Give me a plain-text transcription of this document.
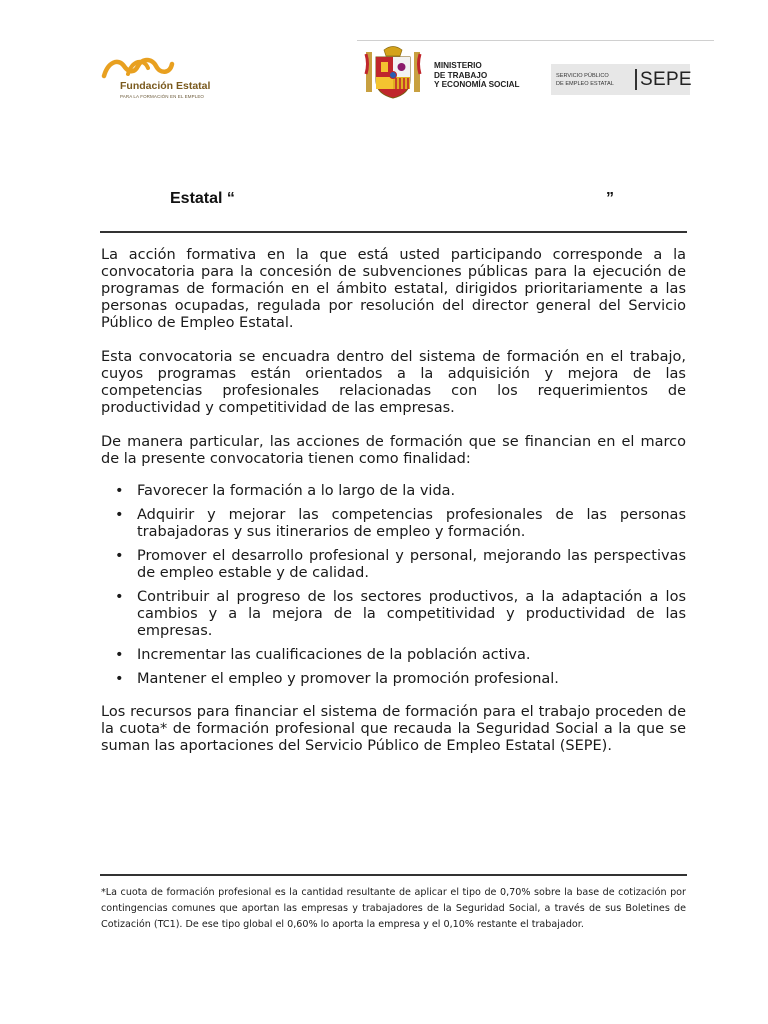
Fundación Estatal
PARA LA FORMACIÓN EN EL EMPLEO
MINISTERIO
DE TRABAJO
Y ECONOMÍA SOCIAL
SERVICIO PÚBLICO
DE EMPLEO ESTATAL SEPE
Estatal “	”

La acción formativa en la que está usted participando corresponde a la convocatoria para la concesión de subvenciones públicas para la ejecución de programas de formación en el ámbito estatal, dirigidos prioritariamente a las personas ocupadas, regulada por resolución del director general del Servicio Público de Empleo Estatal.

Esta convocatoria se encuadra dentro del sistema de formación en el trabajo, cuyos programas están orientados a la adquisición y mejora de las competencias profesionales relacionadas con los requerimientos de productividad y competitividad de las empresas.

De manera particular, las acciones de formación que se financian en el marco de la presente convocatoria tienen como finalidad:

• Favorecer la formación a lo largo de la vida.
• Adquirir y mejorar las competencias profesionales de las personas trabajadoras y sus itinerarios de empleo y formación.
• Promover el desarrollo profesional y personal, mejorando las perspectivas de empleo estable y de calidad.
• Contribuir al progreso de los sectores productivos, a la adaptación a los cambios y a la mejora de la competitividad y productividad de las empresas.
• Incrementar las cualificaciones de la población activa.
• Mantener el empleo y promover la promoción profesional.

Los recursos para financiar el sistema de formación para el trabajo proceden de la cuota* de formación profesional que recauda la Seguridad Social a la que se suman las aportaciones del Servicio Público de Empleo Estatal (SEPE).

*La cuota de formación profesional es la cantidad resultante de aplicar el tipo de 0,70% sobre la base de cotización por contingencias comunes que aportan las empresas y trabajadores de la Seguridad Social, a través de sus Boletines de Cotización (TC1). De ese tipo global el 0,60% lo aporta la empresa y el 0,10% restante el trabajador.
